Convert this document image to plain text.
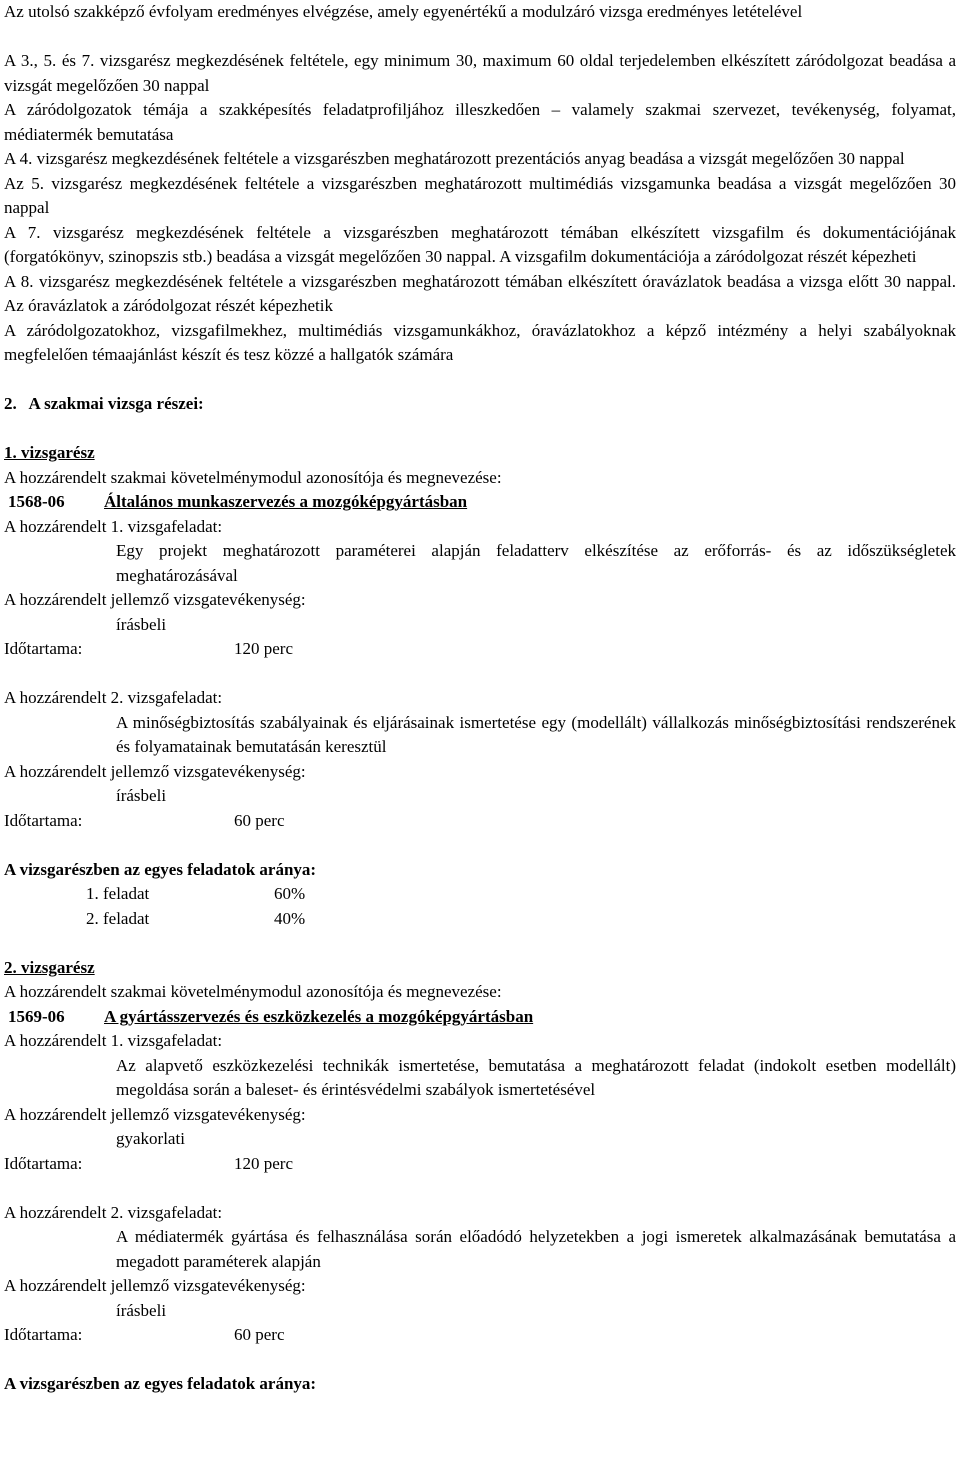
Az utolsó szakképző évfolyam eredményes elvégzése, amely egyenértékű a modulzáró vizsga eredményes letételével
A 3., 5. és 7. vizsgarész megkezdésének feltétele, egy minimum 30, maximum 60 oldal terjedelemben elkészített záródolgozat beadása a vizsgát megelőzően 30 nappal
A záródolgozatok témája a szakképesítés feladatprofiljához illeszkedően – valamely szakmai szervezet, tevékenység, folyamat, médiatermék bemutatása
A 4. vizsgarész megkezdésének feltétele a vizsgarészben meghatározott prezentációs anyag beadása a vizsgát megelőzően 30 nappal
Az 5. vizsgarész megkezdésének feltétele a vizsgarészben meghatározott multimédiás vizsgamunka beadása a vizsgát megelőzően 30 nappal
A 7. vizsgarész megkezdésének feltétele a vizsgarészben meghatározott témában elkészített vizsgafilm és dokumentációjának (forgatókönyv, szinopszis stb.) beadása a vizsgát megelőzően 30 nappal. A vizsgafilm dokumentációja a záródolgozat részét képezheti
A 8. vizsgarész megkezdésének feltétele a vizsgarészben meghatározott témában elkészített óravázlatok beadása a vizsga előtt 30 nappal. Az óravázlatok a záródolgozat részét képezhetik
A záródolgozatokhoz, vizsgafilmekhez, multimédiás vizsgamunkákhoz, óravázlatokhoz a képző intézmény a helyi szabályoknak megfelelően témaajánlást készít és tesz közzé a hallgatók számára
2.   A szakmai vizsga részei:
1. vizsgarész
A hozzárendelt szakmai követelménymodul azonosítója és megnevezése:
1568-06 Általános munkaszervezés a mozgóképgyártásban
A hozzárendelt 1. vizsgafeladat:
Egy projekt meghatározott paraméterei alapján feladatterv elkészítése az erőforrás- és az időszükségletek meghatározásával
A hozzárendelt jellemző vizsgatevékenység:
írásbeli
Időtartama:	120 perc
A hozzárendelt 2. vizsgafeladat:
A minőségbiztosítás szabályainak és eljárásainak ismertetése egy (modellált) vállalkozás minőségbiztosítási rendszerének és folyamatainak bemutatásán keresztül
A hozzárendelt jellemző vizsgatevékenység:
írásbeli
Időtartama:	60 perc
A vizsgarészben az egyes feladatok aránya:
1. feladat	60%
2. feladat	40%
2. vizsgarész
A hozzárendelt szakmai követelménymodul azonosítója és megnevezése:
1569-06 A gyártásszervezés és eszközkezelés a mozgóképgyártásban
A hozzárendelt 1. vizsgafeladat:
Az alapvető eszközkezelési technikák ismertetése, bemutatása a meghatározott feladat (indokolt esetben modellált) megoldása során a baleset- és érintésvédelmi szabályok ismertetésével
A hozzárendelt jellemző vizsgatevékenység:
gyakorlati
Időtartama:	120 perc
A hozzárendelt 2. vizsgafeladat:
A médiatermék gyártása és felhasználása során előadódó helyzetekben a jogi ismeretek alkalmazásának bemutatása a megadott paraméterek alapján
A hozzárendelt jellemző vizsgatevékenység:
írásbeli
Időtartama:	60 perc
A vizsgarészben az egyes feladatok aránya:
